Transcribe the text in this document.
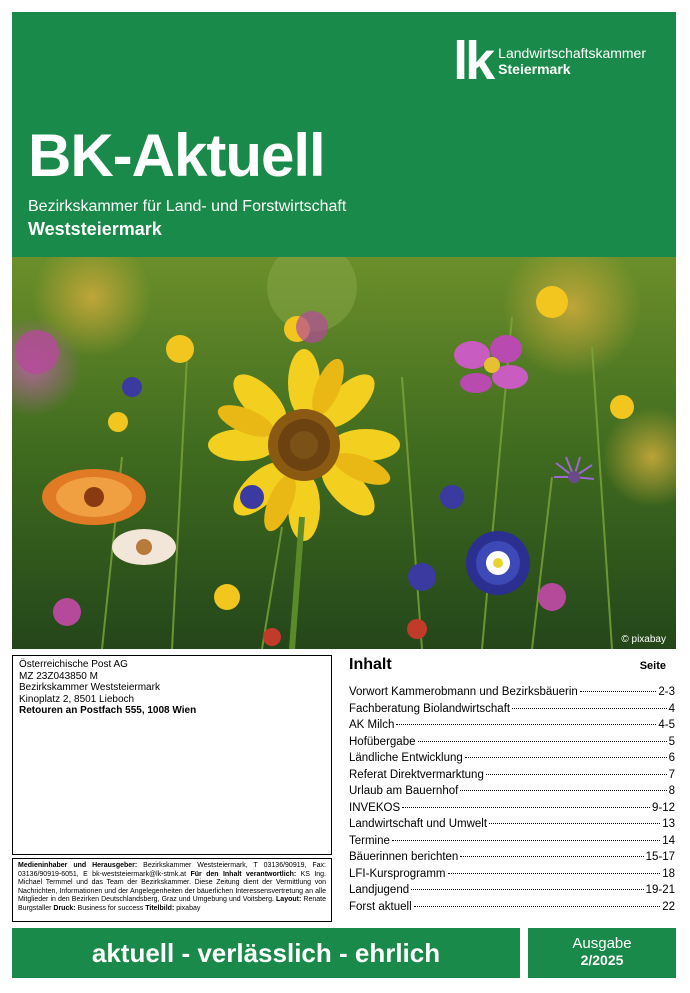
lk Landwirtschaftskammer
Steiermark
BK-Aktuell
Bezirkskammer für Land- und Forstwirtschaft
Weststeiermark
© pixabay
Österreichische Post AG
MZ 23Z043850 M
Bezirkskammer Weststeiermark
Kinoplatz 2, 8501 Lieboch
Retouren an Postfach 555, 1008 Wien
Medieninhaber und Herausgeber: Bezirkskammer Weststeiermark, T 03136/90919, Fax: 03136/90919-6051, E bk-weststeiermark@lk-stmk.at Für den Inhalt verantwortlich: KS Ing. Michael Termmel und das Team der Bezirkskammer. Diese Zeitung dient der Vermittlung von Nachrichten, Informationen und der Angelegenheiten der bäuerlichen Interessensvertretung an alle Mitglieder in den Bezirken Deutschlandsberg, Graz und Umgebung und Voitsberg. Layout: Renate Burgstaller Druck: Business for success Titelbild: pixabay
Inhalt	Seite
Vorwort Kammerobmann und Bezirksbäuerin	2-3
Fachberatung Biolandwirtschaft	4
AK Milch	4-5
Hofübergabe	5
Ländliche Entwicklung	6
Referat Direktvermarktung	7
Urlaub am Bauernhof	8
INVEKOS	9-12
Landwirtschaft und Umwelt	13
Termine	14
Bäuerinnen berichten	15-17
LFI-Kursprogramm	18
Landjugend	19-21
Forst aktuell	22
aktuell - verlässlich - ehrlich	Ausgabe
2/2025
